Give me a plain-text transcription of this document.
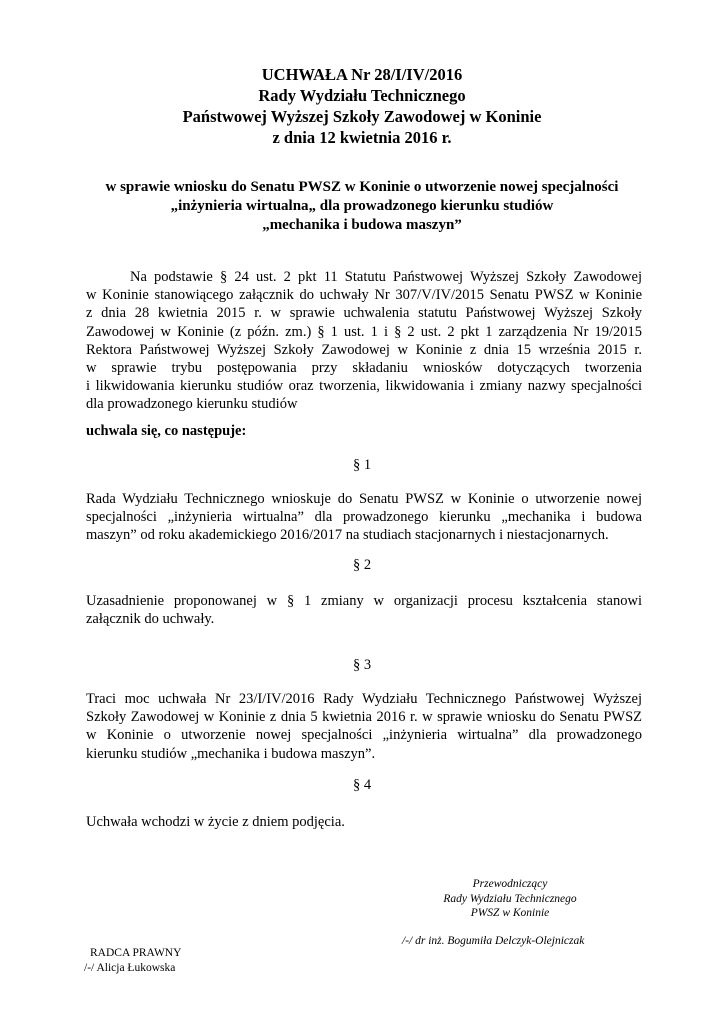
UCHWAŁA Nr 28/I/IV/2016
Rady Wydziału Technicznego
Państwowej Wyższej Szkoły Zawodowej w Koninie
z dnia 12 kwietnia 2016 r.
w sprawie wniosku do Senatu PWSZ w Koninie o utworzenie nowej specjalności
„inżynieria wirtualna„ dla prowadzonego kierunku studiów
„mechanika i budowa maszyn”
Na podstawie § 24 ust. 2 pkt 11 Statutu Państwowej Wyższej Szkoły Zawodowej
w Koninie stanowiącego załącznik do uchwały Nr 307/V/IV/2015 Senatu PWSZ w Koninie
z dnia 28 kwietnia 2015 r. w sprawie uchwalenia statutu Państwowej Wyższej Szkoły
Zawodowej w Koninie (z późn. zm.) § 1 ust. 1 i § 2 ust. 2 pkt 1 zarządzenia Nr 19/2015
Rektora Państwowej Wyższej Szkoły Zawodowej w Koninie z dnia 15 września 2015 r.
w sprawie trybu postępowania przy składaniu wniosków dotyczących tworzenia
i likwidowania kierunku studiów oraz tworzenia, likwidowania i zmiany nazwy specjalności
dla prowadzonego kierunku studiów
uchwala się, co następuje:
§ 1
Rada Wydziału Technicznego wnioskuje do Senatu PWSZ w Koninie o utworzenie nowej
specjalności „inżynieria wirtualna” dla prowadzonego kierunku „mechanika i budowa
maszyn” od roku akademickiego 2016/2017 na studiach stacjonarnych i niestacjonarnych.
§ 2
Uzasadnienie proponowanej w § 1 zmiany w organizacji procesu kształcenia stanowi
załącznik do uchwały.
§ 3
Traci moc uchwała Nr 23/I/IV/2016 Rady Wydziału Technicznego Państwowej Wyższej
Szkoły Zawodowej w Koninie z dnia 5 kwietnia 2016 r. w sprawie wniosku do Senatu PWSZ
w Koninie o utworzenie nowej specjalności „inżynieria wirtualna” dla prowadzonego
kierunku studiów „mechanika i budowa maszyn”.
§ 4
Uchwała wchodzi w życie z dniem podjęcia.
Przewodniczący
Rady Wydziału Technicznego
PWSZ w Koninie
/-/ dr inż. Bogumiła Delczyk-Olejniczak
RADCA PRAWNY
/-/ Alicja Łukowska
